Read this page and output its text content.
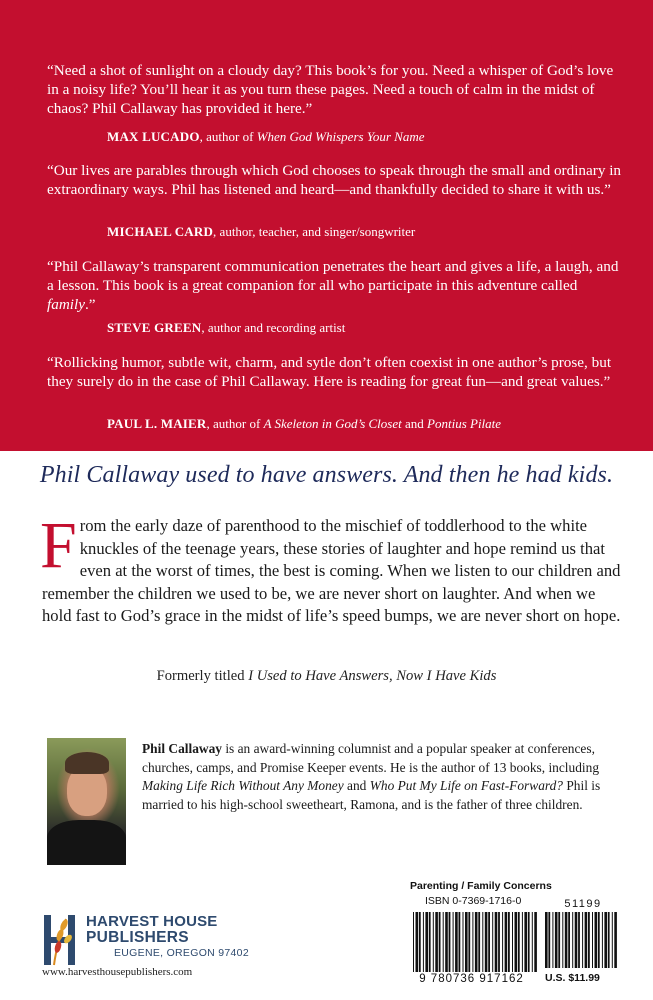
“Need a shot of sunlight on a cloudy day? This book’s for you. Need a whisper of God’s love in a noisy life? You’ll hear it as you turn these pages. Need a touch of calm in the midst of chaos? Phil Callaway has provided it here.”
MAX LUCADO, author of When God Whispers Your Name
“Our lives are parables through which God chooses to speak through the small and ordinary in extraordinary ways. Phil has listened and heard—and thankfully decided to share it with us.”
MICHAEL CARD, author, teacher, and singer/songwriter
“Phil Callaway’s transparent communication penetrates the heart and gives a life, a laugh, and a lesson. This book is a great companion for all who participate in this adventure called family.”
STEVE GREEN, author and recording artist
“Rollicking humor, subtle wit, charm, and sytle don’t often coexist in one author’s prose, but they surely do in the case of Phil Callaway. Here is reading for great fun—and great values.”
PAUL L. MAIER, author of A Skeleton in God’s Closet and Pontius Pilate
Phil Callaway used to have answers. And then he had kids.
From the early daze of parenthood to the mischief of toddlerhood to the white knuckles of the teenage years, these stories of laughter and hope remind us that even at the worst of times, the best is coming. When we listen to our children and remember the children we used to be, we are never short on laughter. And when we hold fast to God’s grace in the midst of life’s speed bumps, we are never short on hope.
Formerly titled I Used to Have Answers, Now I Have Kids
Phil Callaway is an award-winning columnist and a popular speaker at conferences, churches, camps, and Promise Keeper events. He is the author of 13 books, including Making Life Rich Without Any Money and Who Put My Life on Fast-Forward? Phil is married to his high-school sweetheart, Ramona, and is the father of three children.
HARVEST HOUSE
PUBLISHERS
EUGENE, OREGON 97402
www.harvesthousepublishers.com
Parenting / Family Concerns
ISBN 0-7369-1716-0
9 780736 917162
51199
U.S. $11.99
